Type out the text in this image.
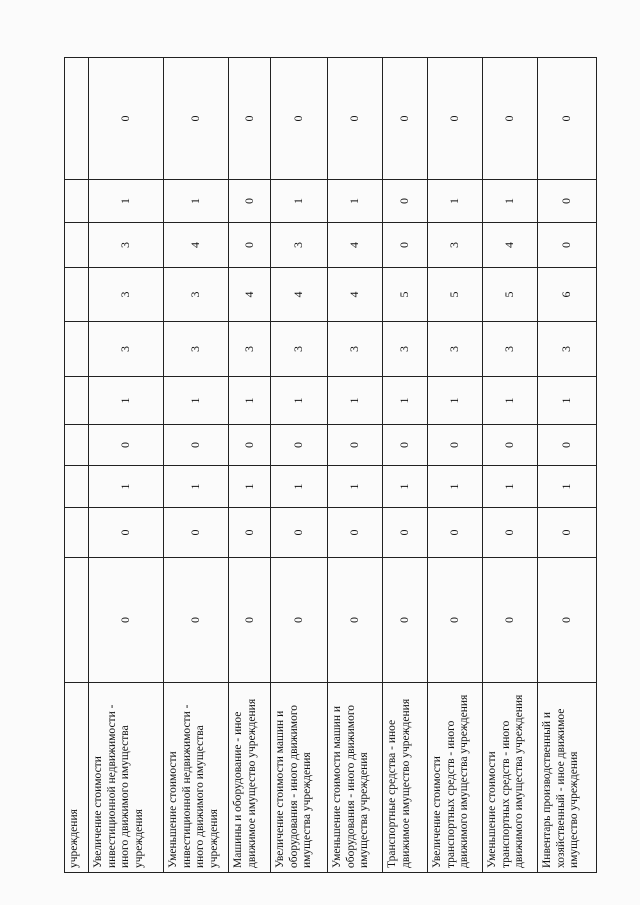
учреждения										
Увеличение стоимости инвестиционной недвижимости - иного движимого имущества учреждения	0	0	1	0	1	3	3	3	1	0
Уменьшение стоимости инвестиционной недвижимости - иного движимого имущества учреждения	0	0	1	0	1	3	3	4	1	0
Машины и оборудование - иное движимое имущество учреждения	0	0	1	0	1	3	4	0	0	0
Увеличение стоимости машин и оборудования - иного движимого имущества учреждения	0	0	1	0	1	3	4	3	1	0
Уменьшение стоимости машин и оборудования - иного движимого имущества учреждения	0	0	1	0	1	3	4	4	1	0
Транспортные средства - иное движимое имущество учреждения	0	0	1	0	1	3	5	0	0	0
Увеличение стоимости транспортных средств - иного движимого имущества учреждения	0	0	1	0	1	3	5	3	1	0
Уменьшение стоимости транспортных средств - иного движимого имущества учреждения	0	0	1	0	1	3	5	4	1	0
Инвентарь производственный и хозяйственный - иное движимое имущество учреждения	0	0	1	0	1	3	6	0	0	0
